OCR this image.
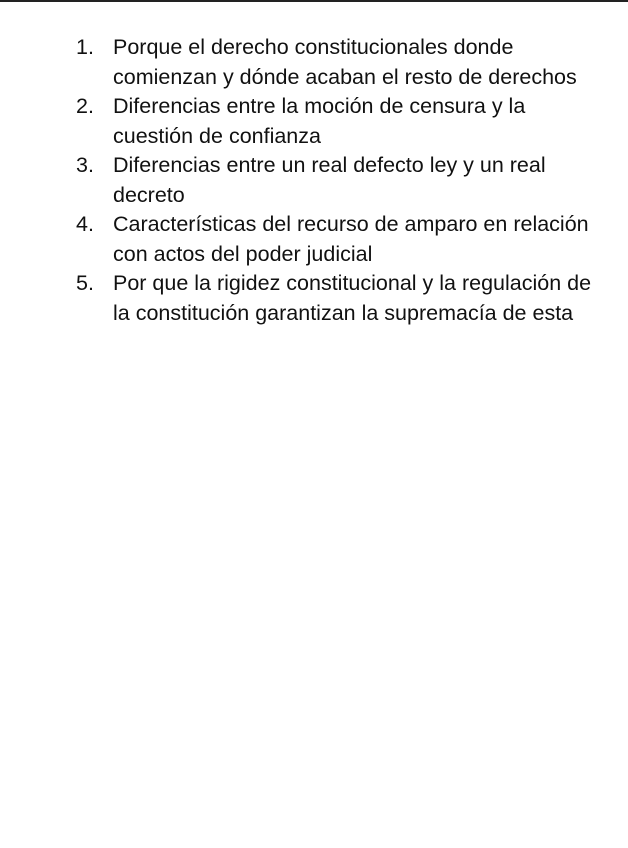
1. Porque el derecho constitucionales donde comienzan y dónde acaban el resto de derechos
2. Diferencias entre la moción de censura y la cuestión de confianza
3. Diferencias entre un real defecto ley y un real decreto
4. Características del recurso de amparo en relación con actos del poder judicial
5. Por que la rigidez constitucional y la regulación de la constitución garantizan la supremacía de esta
